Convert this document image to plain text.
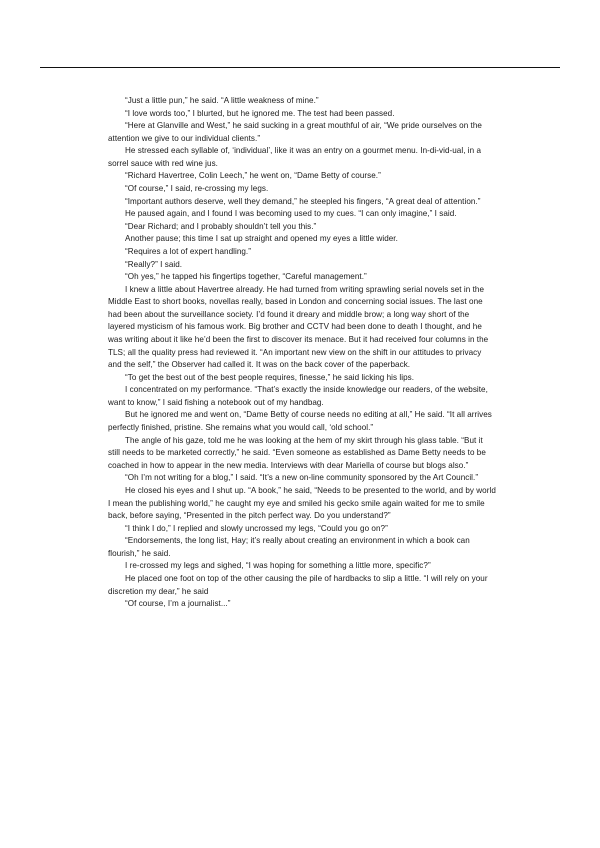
“Just a little pun,” he said. “A little weakness of mine.”

“I love words too,” I blurted, but he ignored me. The test had been passed.

“Here at Glanville and West,” he said sucking in a great mouthful of air, “We pride ourselves on the attention we give to our individual clients.”

He stressed each syllable of, ‘individual’, like it was an entry on a gourmet menu. In-di-vid-ual, in a sorrel sauce with red wine jus.

“Richard Havertree, Colin Leech,” he went on, “Dame Betty of course.”

“Of course,” I said, re-crossing my legs.

“Important authors deserve, well they demand,” he steepled his fingers, “A great deal of attention.”

He paused again, and I found I was becoming used to my cues. “I can only imagine,” I said.

“Dear Richard; and I probably shouldn’t tell you this.”

Another pause; this time I sat up straight and opened my eyes a little wider.

“Requires a lot of expert handling.”

“Really?” I said.

“Oh yes,” he tapped his fingertips together, “Careful management.”

I knew a little about Havertree already. He had turned from writing sprawling serial novels set in the Middle East to short books, novellas really, based in London and concerning social issues. The last one had been about the surveillance society. I’d found it dreary and middle brow; a long way short of the layered mysticism of his famous work. Big brother and CCTV had been done to death I thought, and he was writing about it like he’d been the first to discover its menace. But it had received four columns in the TLS; all the quality press had reviewed it. “An important new view on the shift in our attitudes to privacy and the self,” the Observer had called it. It was on the back cover of the paperback.

“To get the best out of the best people requires, finesse,” he said licking his lips.

I concentrated on my performance. “That’s exactly the inside knowledge our readers, of the website, want to know,” I said fishing a notebook out of my handbag.

But he ignored me and went on, “Dame Betty of course needs no editing at all,” He said. “It all arrives perfectly finished, pristine. She remains what you would call, ‘old school.”

The angle of his gaze, told me he was looking at the hem of my skirt through his glass table. “But it still needs to be marketed correctly,” he said. “Even someone as established as Dame Betty needs to be coached in how to appear in the new media. Interviews with dear Mariella of course but blogs also.”

“Oh I’m not writing for a blog,” I said. “It’s a new on-line community sponsored by the Art Council.”

He closed his eyes and I shut up. “A book,” he said, “Needs to be presented to the world, and by world I mean the publishing world,” he caught my eye and smiled his gecko smile again waited for me to smile back, before saying, “Presented in the pitch perfect way. Do you understand?”

“I think I do,” I replied and slowly uncrossed my legs, “Could you go on?”

“Endorsements, the long list, Hay; it’s really about creating an environment in which a book can flourish,” he said.

I re-crossed my legs and sighed, “I was hoping for something a little more, specific?”

He placed one foot on top of the other causing the pile of hardbacks to slip a little. “I will rely on your discretion my dear,” he said

“Of course, I’m a journalist...”
